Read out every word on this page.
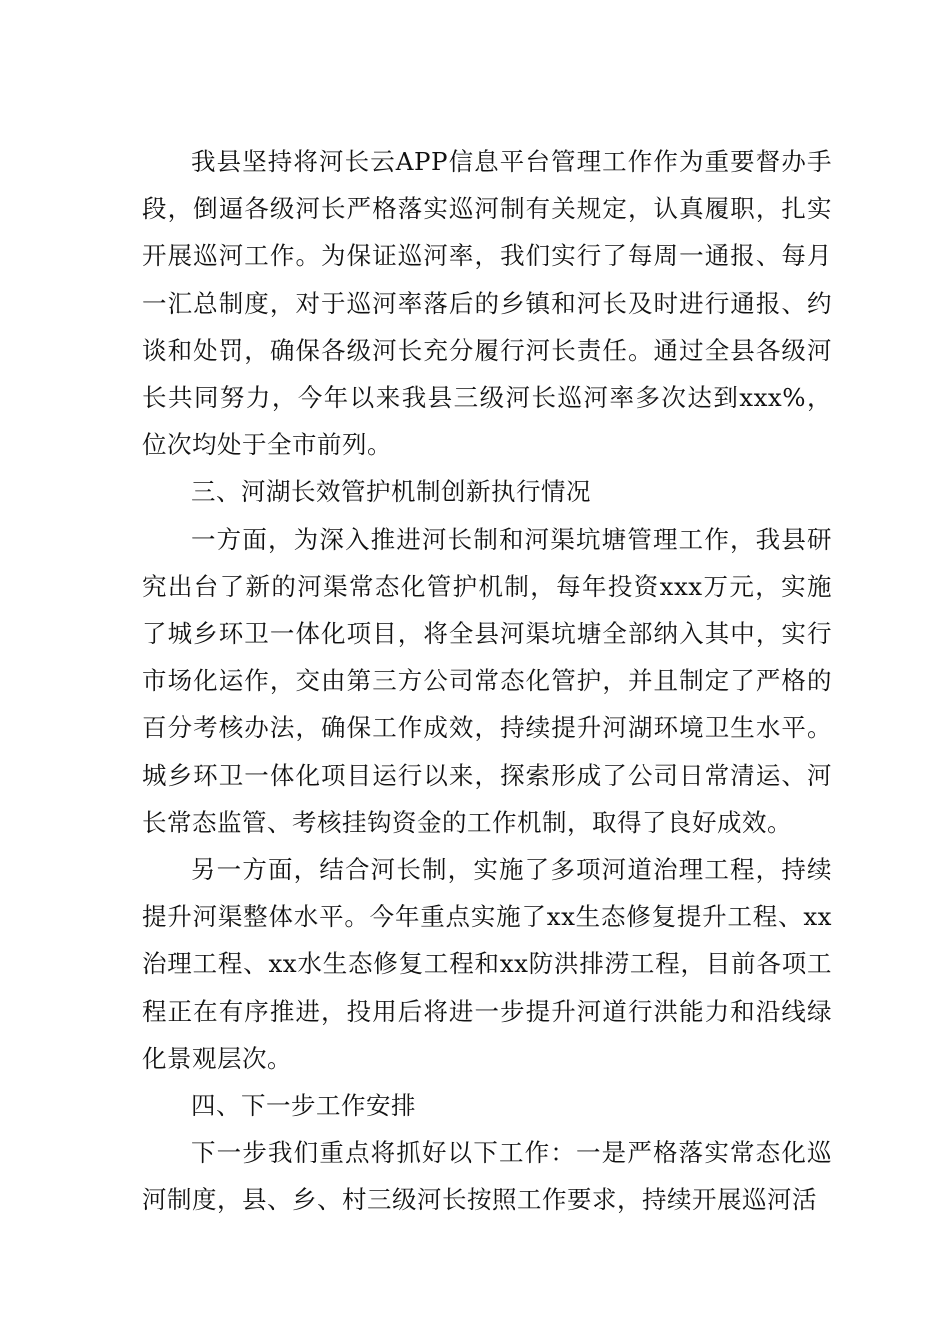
我县坚持将河长云APP信息平台管理工作作为重要督办手段，倒逼各级河长严格落实巡河制有关规定，认真履职，扎实开展巡河工作。为保证巡河率，我们实行了每周一通报、每月一汇总制度，对于巡河率落后的乡镇和河长及时进行通报、约谈和处罚，确保各级河长充分履行河长责任。通过全县各级河长共同努力，今年以来我县三级河长巡河率多次达到xxx%，位次均处于全市前列。

三、河湖长效管护机制创新执行情况

一方面，为深入推进河长制和河渠坑塘管理工作，我县研究出台了新的河渠常态化管护机制，每年投资xxx万元，实施了城乡环卫一体化项目，将全县河渠坑塘全部纳入其中，实行市场化运作，交由第三方公司常态化管护，并且制定了严格的百分考核办法，确保工作成效，持续提升河湖环境卫生水平。城乡环卫一体化项目运行以来，探索形成了公司日常清运、河长常态监管、考核挂钩资金的工作机制，取得了良好成效。

另一方面，结合河长制，实施了多项河道治理工程，持续提升河渠整体水平。今年重点实施了xx生态修复提升工程、xx治理工程、xx水生态修复工程和xx防洪排涝工程，目前各项工程正在有序推进，投用后将进一步提升河道行洪能力和沿线绿化景观层次。

四、下一步工作安排

下一步我们重点将抓好以下工作：一是严格落实常态化巡河制度，县、乡、村三级河长按照工作要求，持续开展巡河活
